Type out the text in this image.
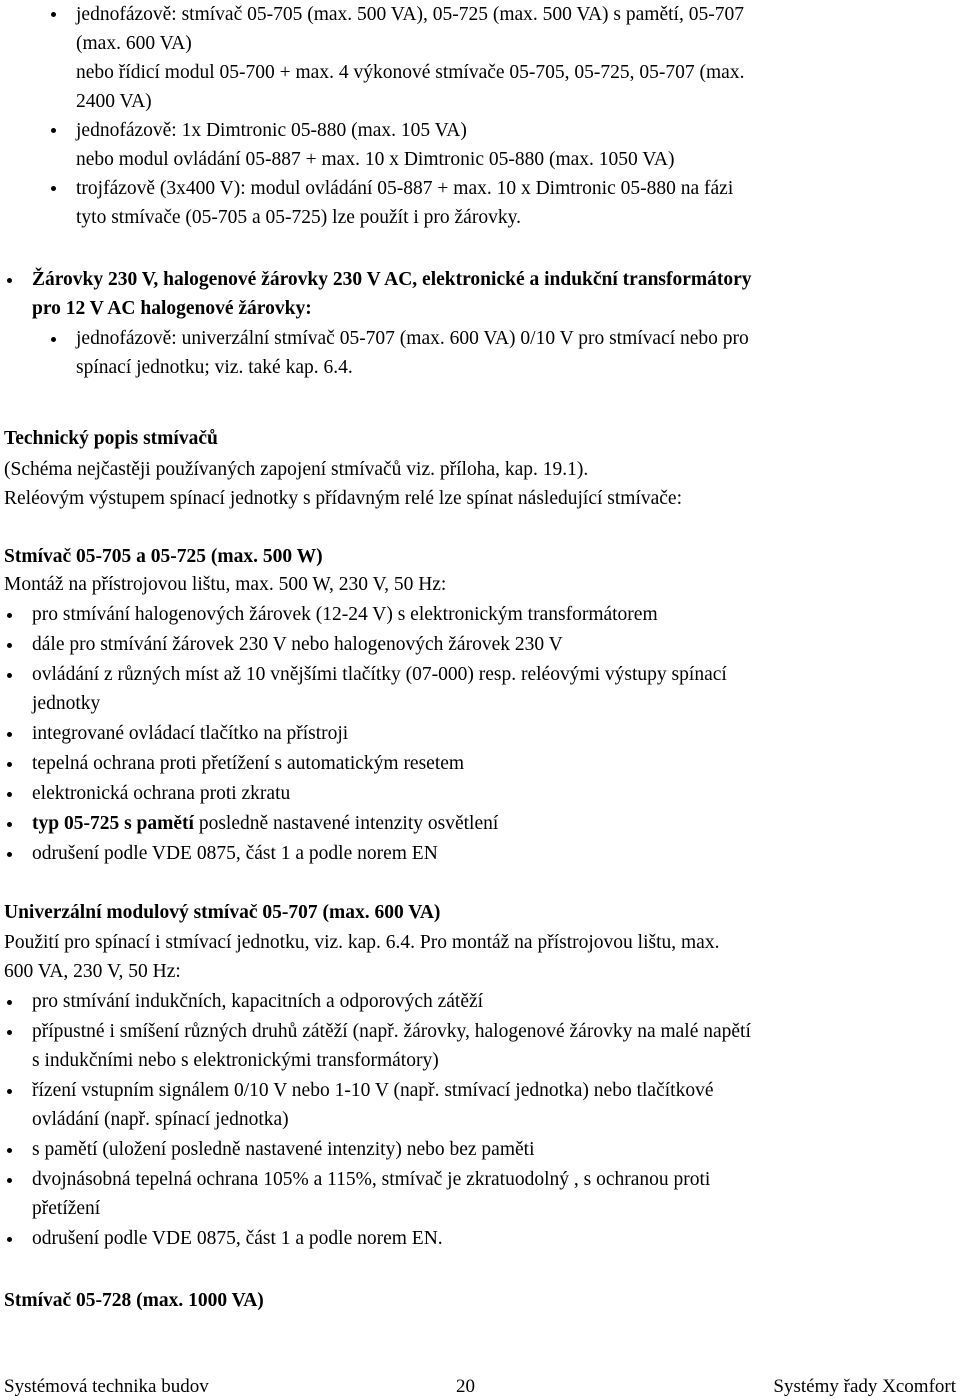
jednofázově: stmívač 05-705 (max. 500 VA), 05-725 (max. 500 VA) s pamětí, 05-707
(max. 600 VA)
nebo řídicí modul 05-700 + max. 4 výkonové stmívače 05-705, 05-725, 05-707 (max.
2400 VA)
jednofázově: 1x Dimtronic 05-880 (max. 105 VA)
nebo modul ovládání 05-887 + max. 10 x Dimtronic 05-880 (max. 1050 VA)
trojfázově (3x400 V): modul ovládání 05-887 + max. 10 x Dimtronic 05-880 na fázi
tyto stmívače (05-705 a 05-725) lze použít i pro žárovky.
Žárovky 230 V, halogenové žárovky 230 V AC, elektronické a indukční transformátory
pro 12 V AC halogenové žárovky:
jednofázově: univerzální stmívač 05-707 (max. 600 VA) 0/10 V pro stmívací nebo pro
spínací jednotku; viz. také kap. 6.4.
Technický popis stmívačů
(Schéma nejčastěji používaných zapojení stmívačů viz. příloha, kap. 19.1).
Reléovým výstupem spínací jednotky s přídavným relé lze spínat následující stmívače:
Stmívač 05-705 a 05-725 (max. 500 W)
Montáž na přístrojovou lištu, max. 500 W, 230 V, 50 Hz:
pro stmívání halogenových žárovek (12-24 V) s elektronickým transformátorem
dále pro stmívání žárovek 230 V nebo halogenových žárovek 230 V
ovládání z různých míst až 10 vnějšími tlačítky (07-000) resp. reléovými výstupy spínací
jednotky
integrované ovládací tlačítko na přístroji
tepelná ochrana proti přetížení s automatickým resetem
elektronická ochrana proti zkratu
typ 05-725 s pamětí posledně nastavené intenzity osvětlení
odrušení podle VDE 0875, část 1 a podle norem EN
Univerzální modulový stmívač 05-707 (max. 600 VA)
Použití pro spínací i stmívací jednotku, viz. kap. 6.4. Pro montáž na přístrojovou lištu, max.
600 VA, 230 V, 50 Hz:
pro stmívání indukčních, kapacitních a odporových zátěží
přípustné i smíšení různých druhů zátěží (např. žárovky, halogenové žárovky na malé napětí
s indukčními nebo s elektronickými transformátory)
řízení vstupním signálem 0/10 V nebo 1-10 V (např. stmívací jednotka) nebo tlačítkové
ovládání (např. spínací jednotka)
s pamětí (uložení posledně nastavené intenzity) nebo bez paměti
dvojnásobná tepelná ochrana 105% a 115%, stmívač je zkratuodolný , s ochranou proti
přetížení
odrušení podle VDE 0875, část 1 a podle norem EN.
Stmívač 05-728 (max. 1000 VA)
Systémová technika budov	20	Systémy řady Xcomfort
